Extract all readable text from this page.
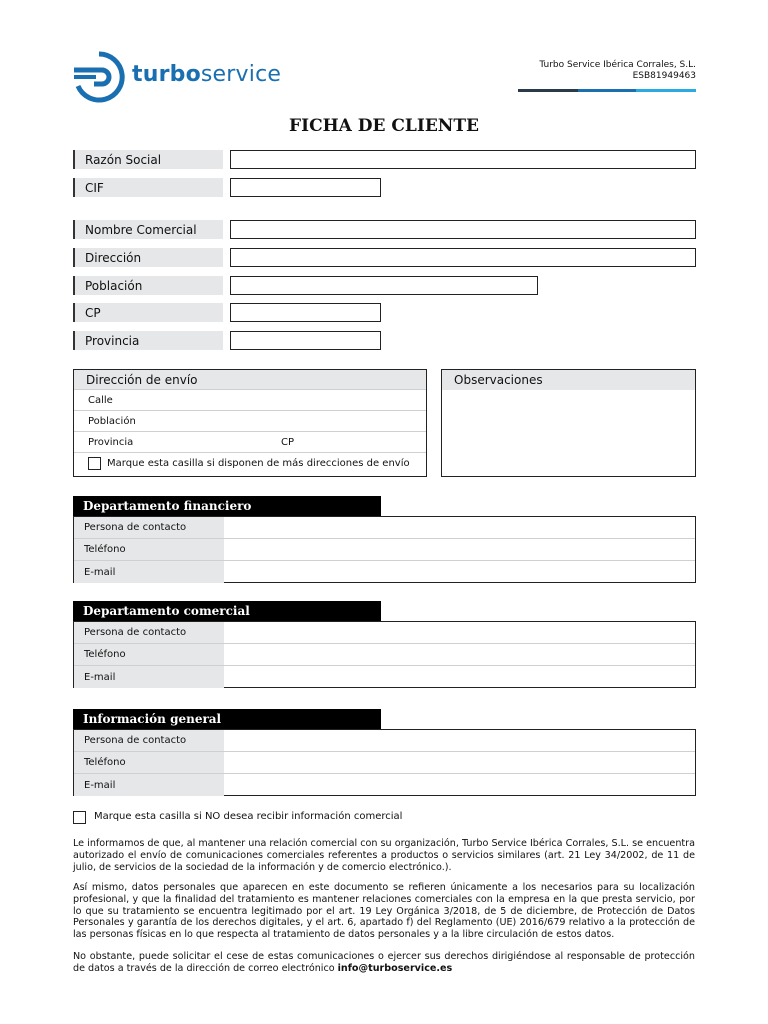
turboservice	Turbo Service Ibérica Corrales, S.L.
ESB81949463
FICHA DE CLIENTE
Razón Social
CIF
Nombre Comercial
Dirección
Población
CP
Provincia
Dirección de envío
Calle
Población
Provincia	CP
Marque esta casilla si disponen de más direcciones de envío
Observaciones
Departamento financiero
Persona de contacto
Teléfono
E-mail
Departamento comercial
Persona de contacto
Teléfono
E-mail
Información general
Persona de contacto
Teléfono
E-mail
Marque esta casilla si NO desea recibir información comercial
Le informamos de que, al mantener una relación comercial con su organización, Turbo Service Ibérica Corrales, S.L. se encuentra autorizado el envío de comunicaciones comerciales referentes a productos o servicios similares (art. 21 Ley 34/2002, de 11 de julio, de servicios de la sociedad de la información y de comercio electrónico.).
Así mismo, datos personales que aparecen en este documento se refieren únicamente a los necesarios para su localización profesional, y que la finalidad del tratamiento es mantener relaciones comerciales con la empresa en la que presta servicio, por lo que su tratamiento se encuentra legitimado por el art. 19 Ley Orgánica 3/2018, de 5 de diciembre, de Protección de Datos Personales y garantía de los derechos digitales, y el art. 6, apartado f) del Reglamento (UE) 2016/679 relativo a la protección de las personas físicas en lo que respecta al tratamiento de datos personales y a la libre circulación de estos datos.
No obstante, puede solicitar el cese de estas comunicaciones o ejercer sus derechos dirigiéndose al responsable de protección de datos a través de la dirección de correo electrónico info@turboservice.es
